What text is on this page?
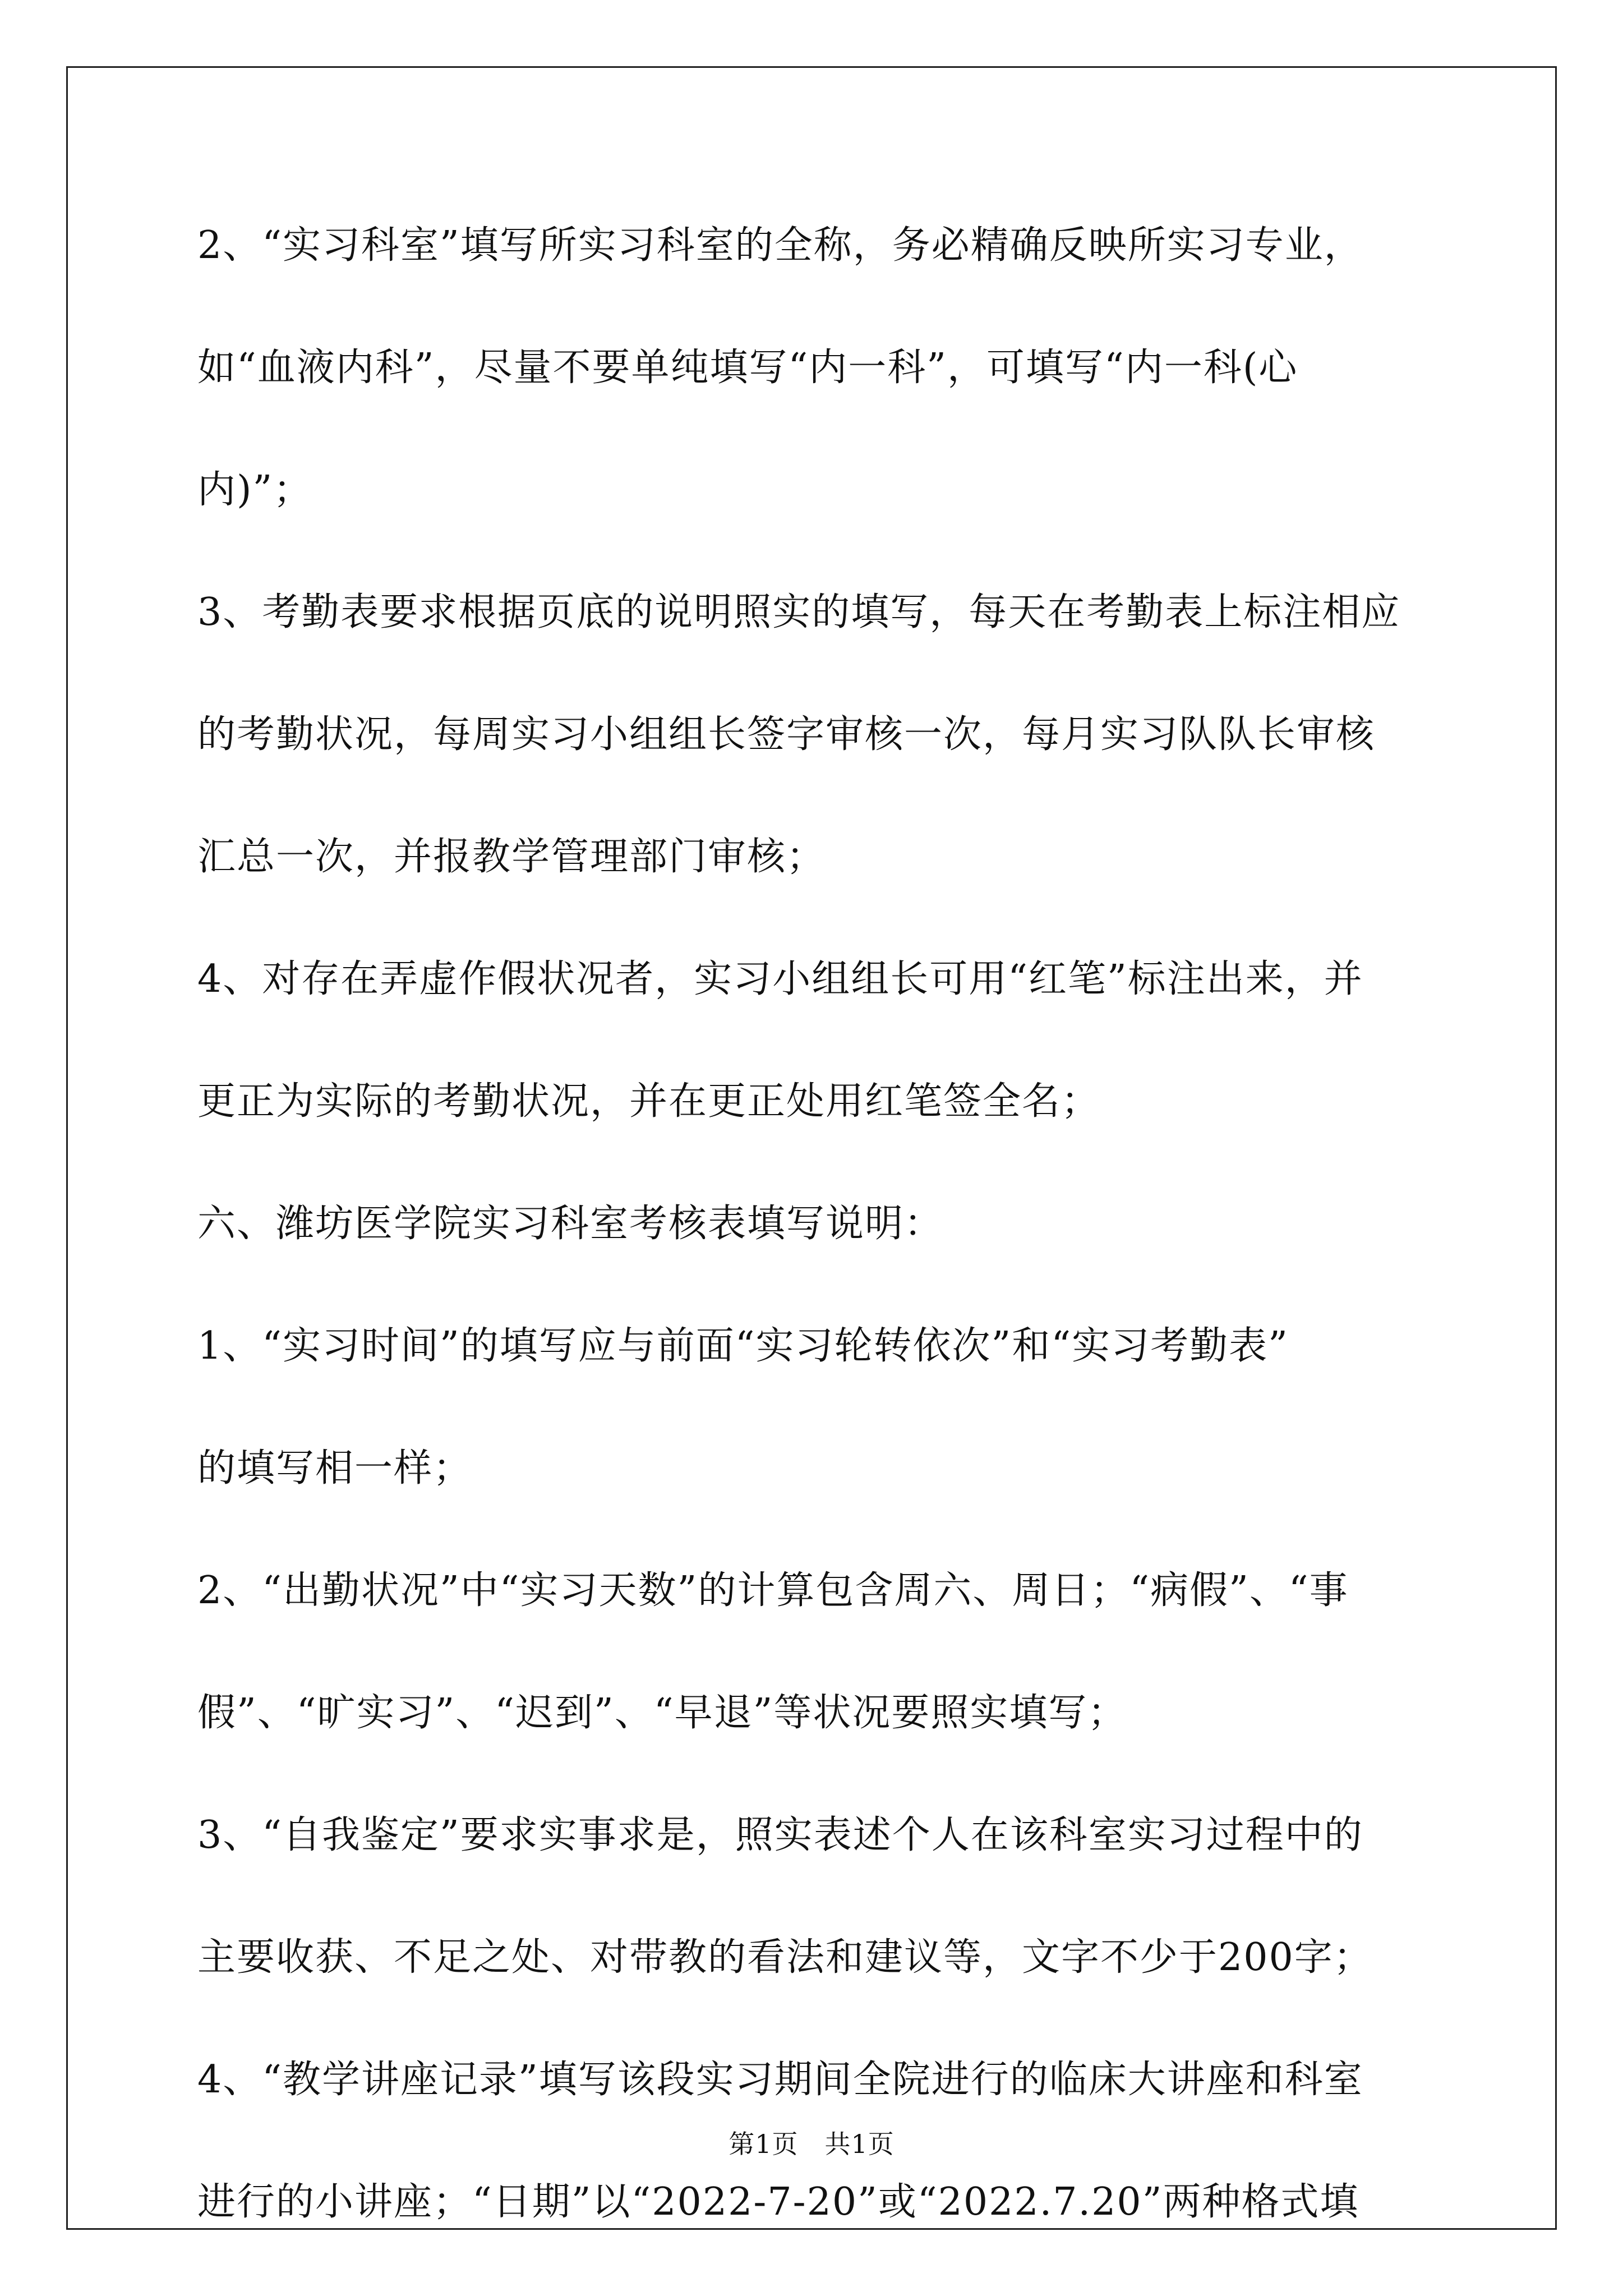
2、“实习科室”填写所实习科室的全称，务必精确反映所实习专业，
如“血液内科”，尽量不要单纯填写“内一科”，可填写“内一科(心
内)”；
3、考勤表要求根据页底的说明照实的填写，每天在考勤表上标注相应
的考勤状况，每周实习小组组长签字审核一次，每月实习队队长审核
汇总一次，并报教学管理部门审核；
4、对存在弄虚作假状况者，实习小组组长可用“红笔”标注出来，并
更正为实际的考勤状况，并在更正处用红笔签全名；
六、潍坊医学院实习科室考核表填写说明：
1、“实习时间”的填写应与前面“实习轮转依次”和“实习考勤表”
的填写相一样；
2、“出勤状况”中“实习天数”的计算包含周六、周日；“病假”、“事
假”、“旷实习”、“迟到”、“早退”等状况要照实填写；
3、“自我鉴定”要求实事求是，照实表述个人在该科室实习过程中的
主要收获、不足之处、对带教的看法和建议等，文字不少于200字；
4、“教学讲座记录”填写该段实习期间全院进行的临床大讲座和科室
进行的小讲座；“日期”以“2022-7-20”或“2022.7.20”两种格式填
第1页　共1页
